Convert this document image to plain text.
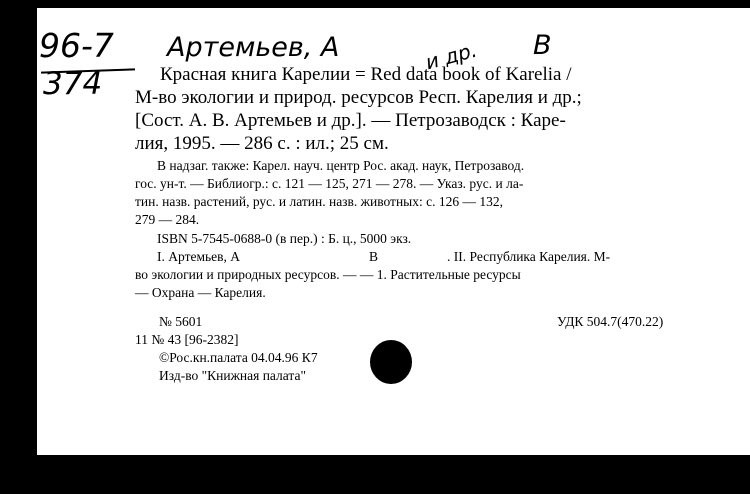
96-7
374
Артемьев, А	и др. В
Красная книга Карелии = Red data book of Karelia /
М-во экологии и природ. ресурсов Респ. Карелия и др.;
[Сост. А. В. Артемьев и др.]. — Петрозаводск : Каре-
лия, 1995. — 286 с. : ил.; 25 см.
В надзаг. также: Карел. науч. центр Рос. акад. наук, Петрозавод.
гос. ун-т. — Библиогр.: с. 121 — 125, 271 — 278. — Указ. рус. и ла-
тин. назв. растений, рус. и латин. назв. животных: с. 126 — 132,
279 — 284.
ISBN 5-7545-0688-0 (в пер.) : Б. ц., 5000 экз.
I. Артемьев, А	В	. II. Республика Карелия. М-
во экологии и природных ресурсов. — — 1. Растительные ресурсы
— Охрана — Карелия.
№ 5601	УДК 504.7(470.22)
11 № 43 [96-2382]
©Рос.кн.палата 04.04.96 К7
Изд-во "Книжная палата"
